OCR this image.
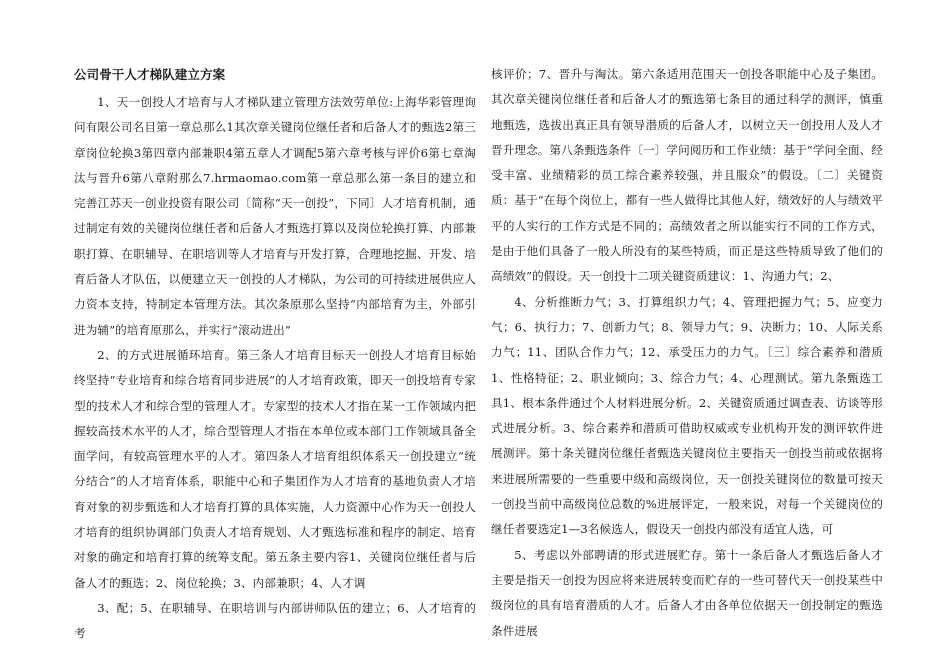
公司骨干人才梯队建立方案

1、天一创投人才培育与人才梯队建立管理方法效劳单位:上海华彩管理询问有限公司名目第一章总那么1其次章关键岗位继任者和后备人才的甄选2第三章岗位轮换3第四章内部兼职4第五章人才调配5第六章考核与评价6第七章淘汰与晋升6第八章附那么7.hrmaomao.com第一章总那么第一条目的建立和完善江苏天一创业投资有限公司〔简称“天一创投”，下同〕人才培育机制，通过制定有效的关键岗位继任者和后备人才甄选打算以及岗位轮换打算、内部兼职打算、在职辅导、在职培训等人才培育与开发打算，合理地挖掘、开发、培育后备人才队伍，以便建立天一创投的人才梯队，为公司的可持续进展供应人力资本支持，特制定本管理方法。其次条原那么坚持“内部培育为主，外部引进为辅”的培育原那么，并实行“滚动进出”

2、的方式进展循环培育。第三条人才培育目标天一创投人才培育目标始终坚持“专业培育和综合培育同步进展”的人才培育政策，即天一创投培育专家型的技术人才和综合型的管理人才。专家型的技术人才指在某一工作领域内把握较高技术水平的人才，综合型管理人才指在本单位或本部门工作领域具备全面学问，有较高管理水平的人才。第四条人才培育组织体系天一创投建立“统分结合”的人才培育体系，职能中心和子集团作为人才培育的基地负责人才培育对象的初步甄选和人才培育打算的具体实施，人力资源中心作为天一创投人才培育的组织协调部门负责人才培育规划、人才甄选标准和程序的制定、培育对象的确定和培育打算的统筹支配。第五条主要内容1、关键岗位继任者与后备人才的甄选；2、岗位轮换；3、内部兼职；4、人才调

3、配；5、在职辅导、在职培训与内部讲师队伍的建立；6、人才培育的考

核评价；7、晋升与淘汰。第六条适用范围天一创投各职能中心及子集团。其次章关键岗位继任者和后备人才的甄选第七条目的通过科学的测评，慎重地甄选，选拔出真正具有领导潜质的后备人才，以树立天一创投用人及人才晋升理念。第八条甄选条件〔一〕学问阅历和工作业绩：基于“学问全面、经受丰富、业绩精彩的员工综合素养较强，并且服众”的假设。〔二〕关键资质：基于“在每个岗位上，都有一些人做得比其他人好，绩效好的人与绩效平平的人实行的工作方式是不同的；高绩效者之所以能实行不同的工作方式，是由于他们具备了一般人所没有的某些特质，而正是这些特质导致了他们的高绩效”的假设。天一创投十二项关键资质建议：1、沟通力气；2、

4、分析推断力气；3、打算组织力气；4、管理把握力气；5、应变力气；6、执行力；7、创新力气；8、领导力气；9、决断力；10、人际关系力气；11、团队合作力气；12、承受压力的力气。〔三〕综合素养和潜质1、性格特征；2、职业倾向；3、综合力气；4、心理测试。第九条甄选工具1、根本条件通过个人材料进展分析。2、关键资质通过调查表、访谈等形式进展分析。3、综合素养和潜质可借助权威或专业机构开发的测评软件进展测评。第十条关键岗位继任者甄选关键岗位主要指天一创投当前或依据将来进展所需要的一些重要中级和高级岗位，天一创投关键岗位的数量可按天一创投当前中高级岗位总数的%进展评定，一般来说，对每一个关键岗位的继任者要选定1—3名候选人，假设天一创投内部没有适宜人选，可

5、考虑以外部聘请的形式进展贮存。第十一条后备人才甄选后备人才主要是指天一创投为因应将来进展转变而贮存的一些可替代天一创投某些中级岗位的具有培育潜质的人才。后备人才由各单位依据天一创投制定的甄选条件进展
